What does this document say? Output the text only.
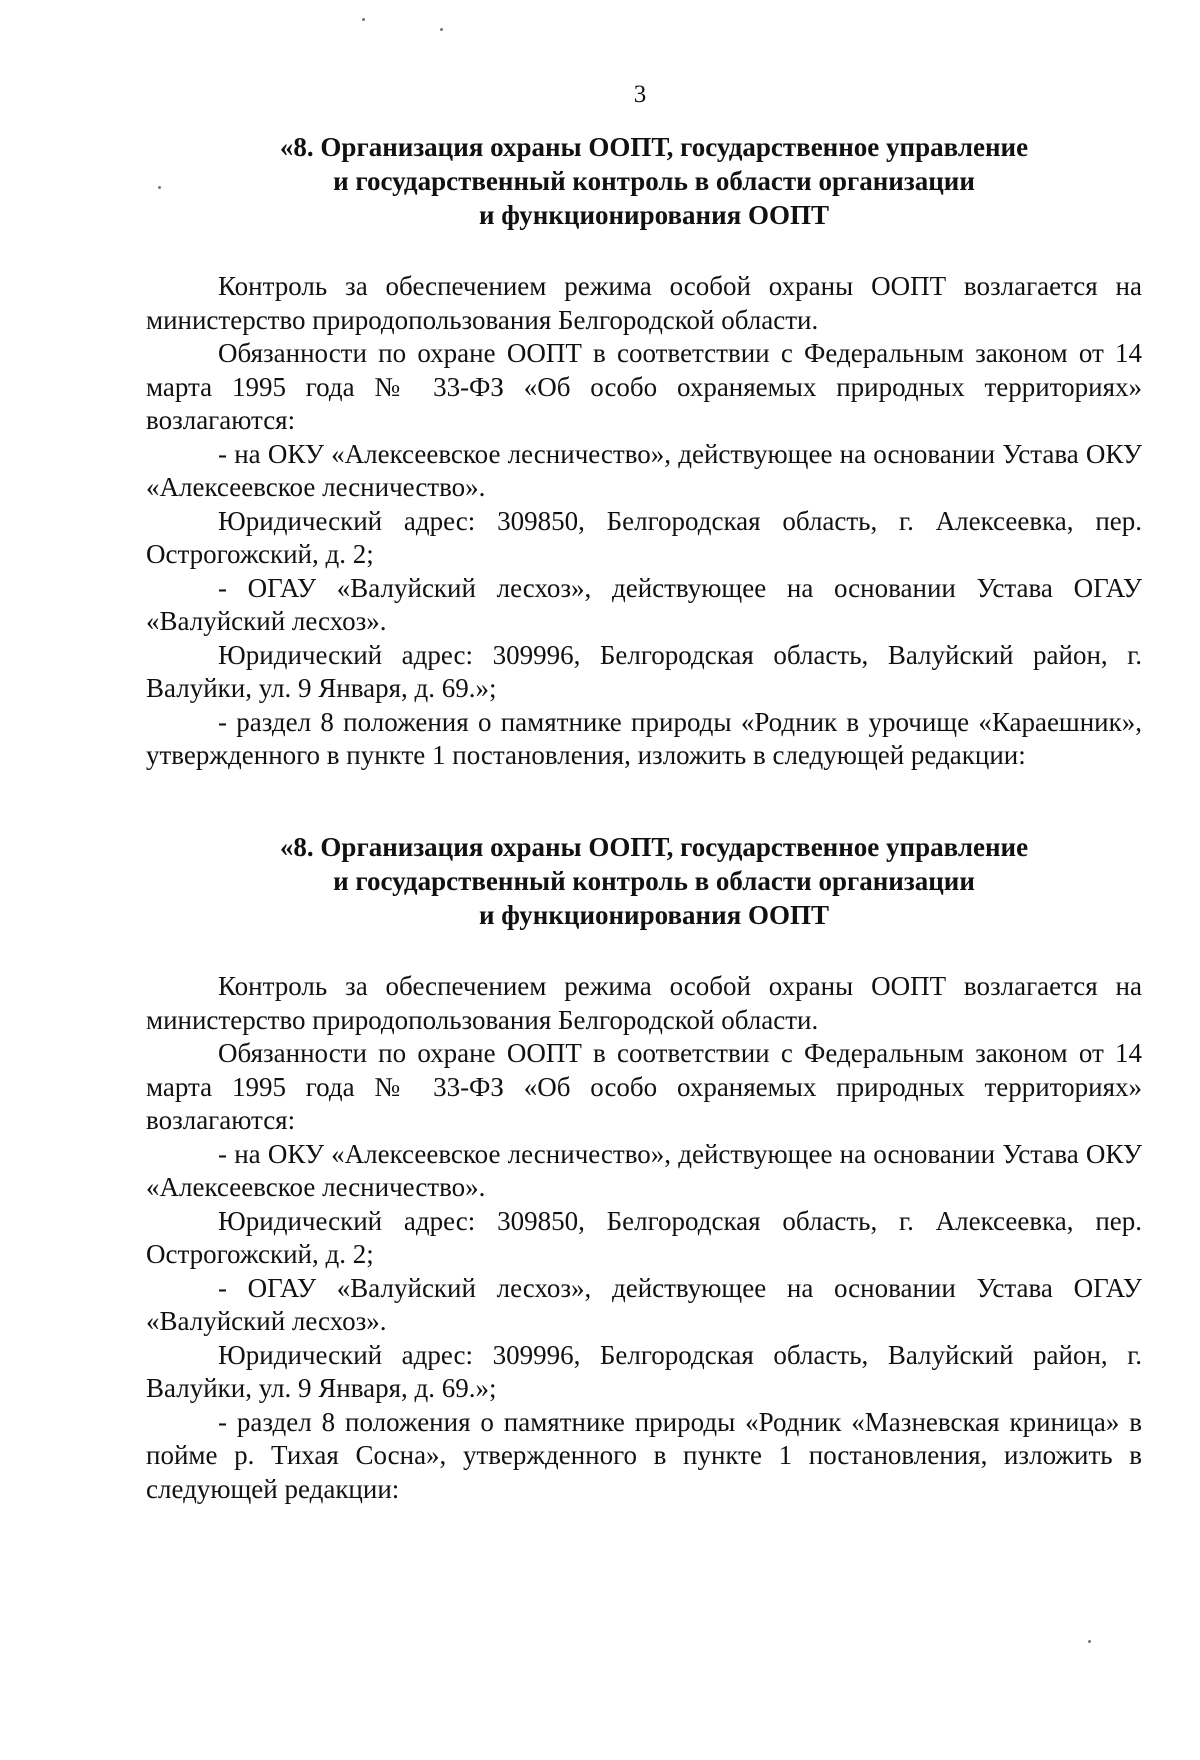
3
«8. Организация охраны ООПТ, государственное управление
и государственный контроль в области организации
и функционирования ООПТ

Контроль за обеспечением режима особой охраны ООПТ возлагается на министерство природопользования Белгородской области.

Обязанности по охране ООПТ в соответствии с Федеральным законом от 14 марта 1995 года № 33-ФЗ «Об особо охраняемых природных территориях» возлагаются:

- на ОКУ «Алексеевское лесничество», действующее на основании Устава ОКУ «Алексеевское лесничество».

Юридический адрес: 309850, Белгородская область, г. Алексеевка, пер. Острогожский, д. 2;

- ОГАУ «Валуйский лесхоз», действующее на основании Устава ОГАУ «Валуйский лесхоз».

Юридический адрес: 309996, Белгородская область, Валуйский район, г. Валуйки, ул. 9 Января, д. 69.»;

- раздел 8 положения о памятнике природы «Родник в урочище «Караешник», утвержденного в пункте 1 постановления, изложить в следующей редакции:

«8. Организация охраны ООПТ, государственное управление
и государственный контроль в области организации
и функционирования ООПТ

Контроль за обеспечением режима особой охраны ООПТ возлагается на министерство природопользования Белгородской области.

Обязанности по охране ООПТ в соответствии с Федеральным законом от 14 марта 1995 года № 33-ФЗ «Об особо охраняемых природных территориях» возлагаются:

- на ОКУ «Алексеевское лесничество», действующее на основании Устава ОКУ «Алексеевское лесничество».

Юридический адрес: 309850, Белгородская область, г. Алексеевка, пер. Острогожский, д. 2;

- ОГАУ «Валуйский лесхоз», действующее на основании Устава ОГАУ «Валуйский лесхоз».

Юридический адрес: 309996, Белгородская область, Валуйский район, г. Валуйки, ул. 9 Января, д. 69.»;

- раздел 8 положения о памятнике природы «Родник «Мазневская криница» в пойме р. Тихая Сосна», утвержденного в пункте 1 постановления, изложить в следующей редакции:
